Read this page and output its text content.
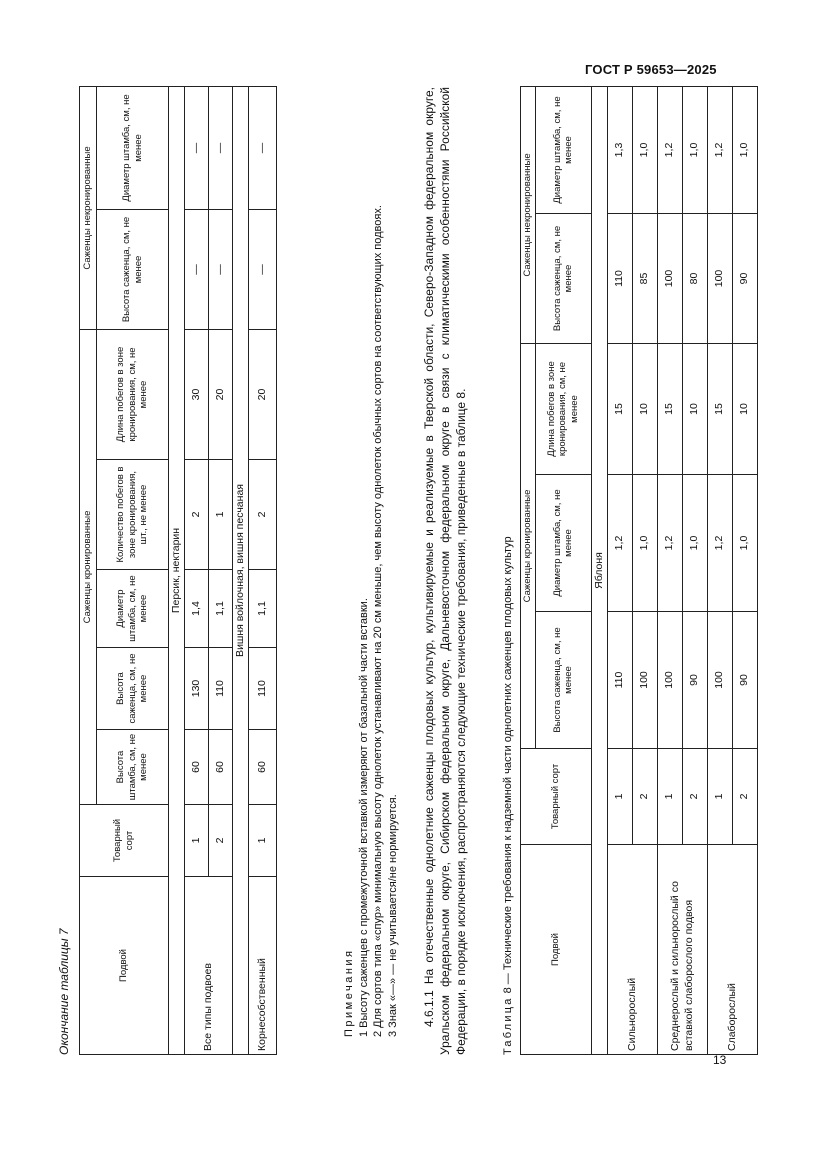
ГОСТ Р 59653—2025
13
Окончание таблицы 7	Подвой	Товарный сорт	Саженцы кронированные					Саженцы некронированные	
		Высота штамба, см, не менее	Высота саженца, см, не менее	Диаметр штамба, см, не менее	Количество побегов в зоне кронирования, шт., не менее	Длина побегов в зоне кронирования, см, не менее	Высота саженца, см, не менее	Диаметр штамба, см, не менее
Персик, нектарин								
Все типы подвоев	1	60	130	1,4	2	30	—	—
	2	60	110	1,1	1	20	—	—
Вишня войлочная, вишня песчаная								
Корнесобственный	1	60	110	1,1	2	20	—	—

Примечания 1 Высоту саженцев с промежуточной вставкой измеряют от базальной части вставки. 2 Для сортов типа «спур» минимальную высоту однолеток устанавливают на 20 см меньше, чем высоту однолеток обычных сортов на соответствующих подвоях. 3 Знак «—» — не учитывается/не нормируется. 4.6.1.1 На отечественные однолетние саженцы плодовых культур, культивируемые и реализуемые в Тверской области, Северо-Западном федеральном округе, Уральском федеральном округе, Сибирском федеральном округе, Дальневосточном федеральном округе в связи с климатическими особенностями Российской Федерации, в порядке исключения, распространяются следующие технические требования, приведенные в таблице 8.	Таблица 8 — Технические требования к надземной части однолетних саженцев плодовых культур	Подвой	Товарный сорт	Саженцы кронированные			Саженцы некронированные	
		Высота саженца, см, не менее	Диаметр штамба, см, не менее	Длина побегов в зоне кронирования, см, не менее	Высота саженца, см, не менее	Диаметр штамба, см, не менее
Яблоня						
Сильнорослый	1	110	1,2	15	110	1,3
	2	100	1,0	10	85	1,0
Среднерослый и сильнорослый со вставкой слаборослого подвоя	1	100	1,2	15	100	1,2
	2	90	1,0	10	80	1,0
Слаборослый	1	100	1,2	15	100	1,2
	2	90	1,0	10	90	1,0
